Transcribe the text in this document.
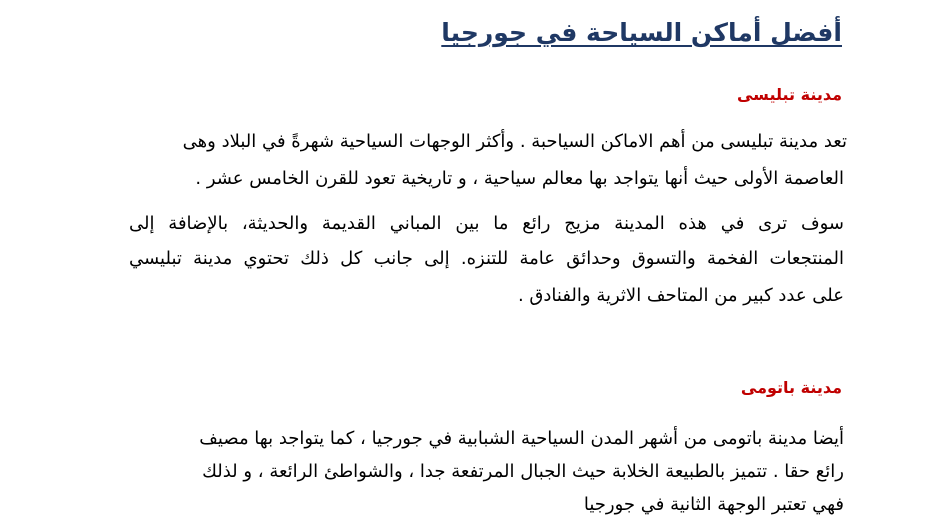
أفضل أماكن السياحة في جورجيا
مدينة تبليسى
تعد مدينة تبليسى من أهم الاماكن السياحبة . وأكثر الوجهات السياحية شهرةً في البلاد وهى
العاصمة الأولى حيث أنها يتواجد بها معالم سياحية ، و تاريخية تعود للقرن الخامس عشر .
سوف ترى في هذه المدينة مزيج رائع ما بين المباني القديمة والحديثة، بالإضافة إلى
المنتجعات الفخمة والتسوق وحدائق عامة للتنزه. إلى جانب كل ذلك تحتوي مدينة تبليسي
على عدد كبير من المتاحف الاثرية والفنادق .
مدينة باتومى
أيضا مدينة باتومى من أشهر المدن السياحية الشبابية في جورجيا ، كما يتواجد بها مصيف
رائع حقا . تتميز بالطبيعة الخلابة حيث الجبال المرتفعة جدا ، والشواطئ الرائعة ، و لذلك
فهي تعتبر الوجهة الثانية في جورجيا
